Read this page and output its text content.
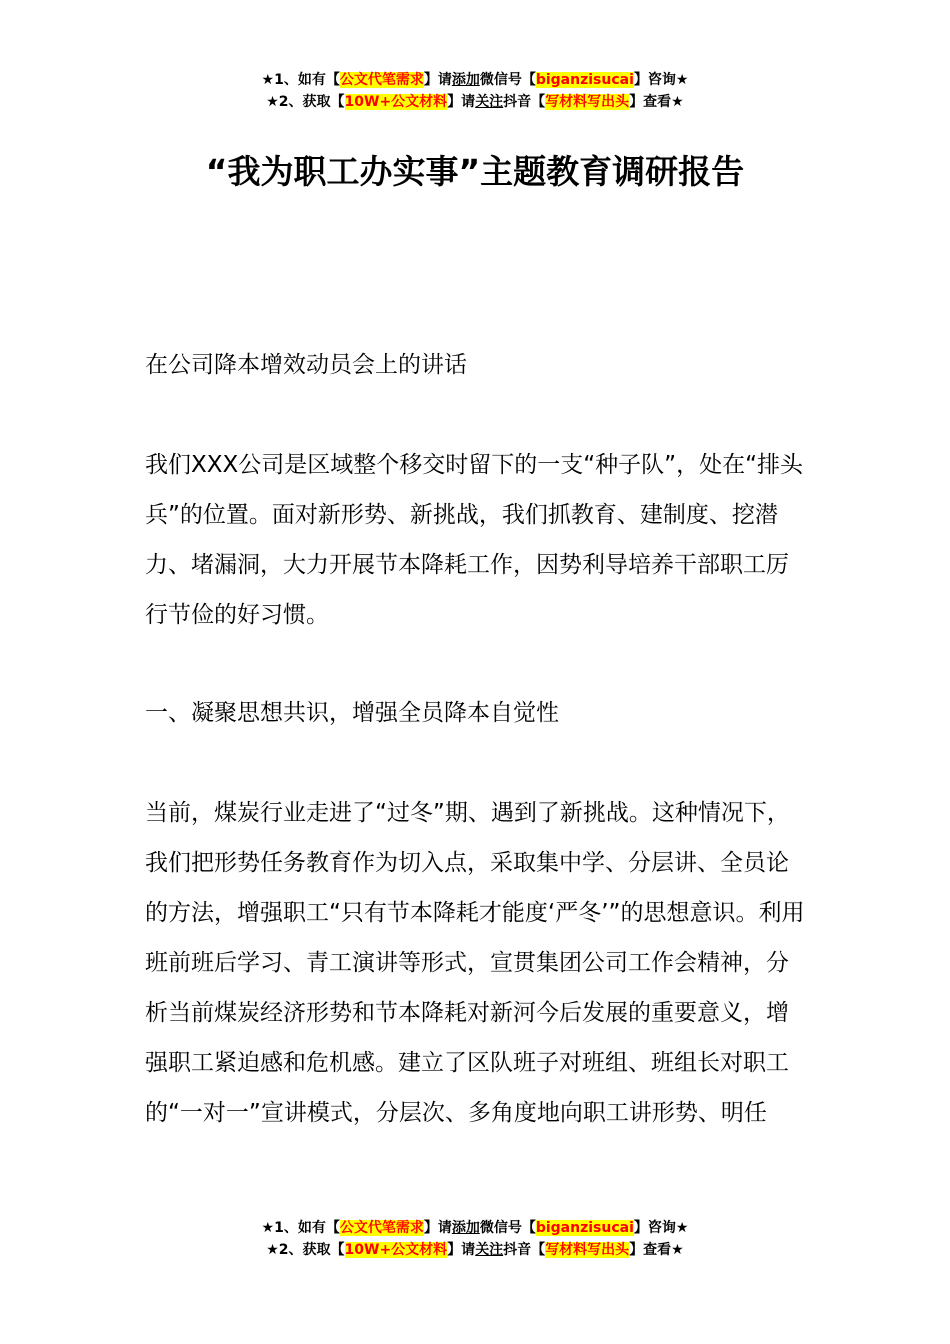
★1、如有【公文代笔需求】请添加微信号【biganzisucai】咨询★
★2、获取【10W+公文材料】请关注抖音【写材料写出头】查看★
“我为职工办实事”主题教育调研报告

在公司降本增效动员会上的讲话

我们XXX公司是区域整个移交时留下的一支“种子队”，处在“排头兵”的位置。面对新形势、新挑战，我们抓教育、建制度、挖潜力、堵漏洞，大力开展节本降耗工作，因势利导培养干部职工厉行节俭的好习惯。

一、凝聚思想共识，增强全员降本自觉性

当前，煤炭行业走进了“过冬”期、遇到了新挑战。这种情况下，我们把形势任务教育作为切入点，采取集中学、分层讲、全员论的方法，增强职工“只有节本降耗才能度‘严冬’”的思想意识。利用班前班后学习、青工演讲等形式，宣贯集团公司工作会精神，分析当前煤炭经济形势和节本降耗对新河今后发展的重要意义，增强职工紧迫感和危机感。建立了区队班子对班组、班组长对职工的“一对一”宣讲模式，分层次、多角度地向职工讲形势、明任

★1、如有【公文代笔需求】请添加微信号【biganzisucai】咨询★
★2、获取【10W+公文材料】请关注抖音【写材料写出头】查看★
